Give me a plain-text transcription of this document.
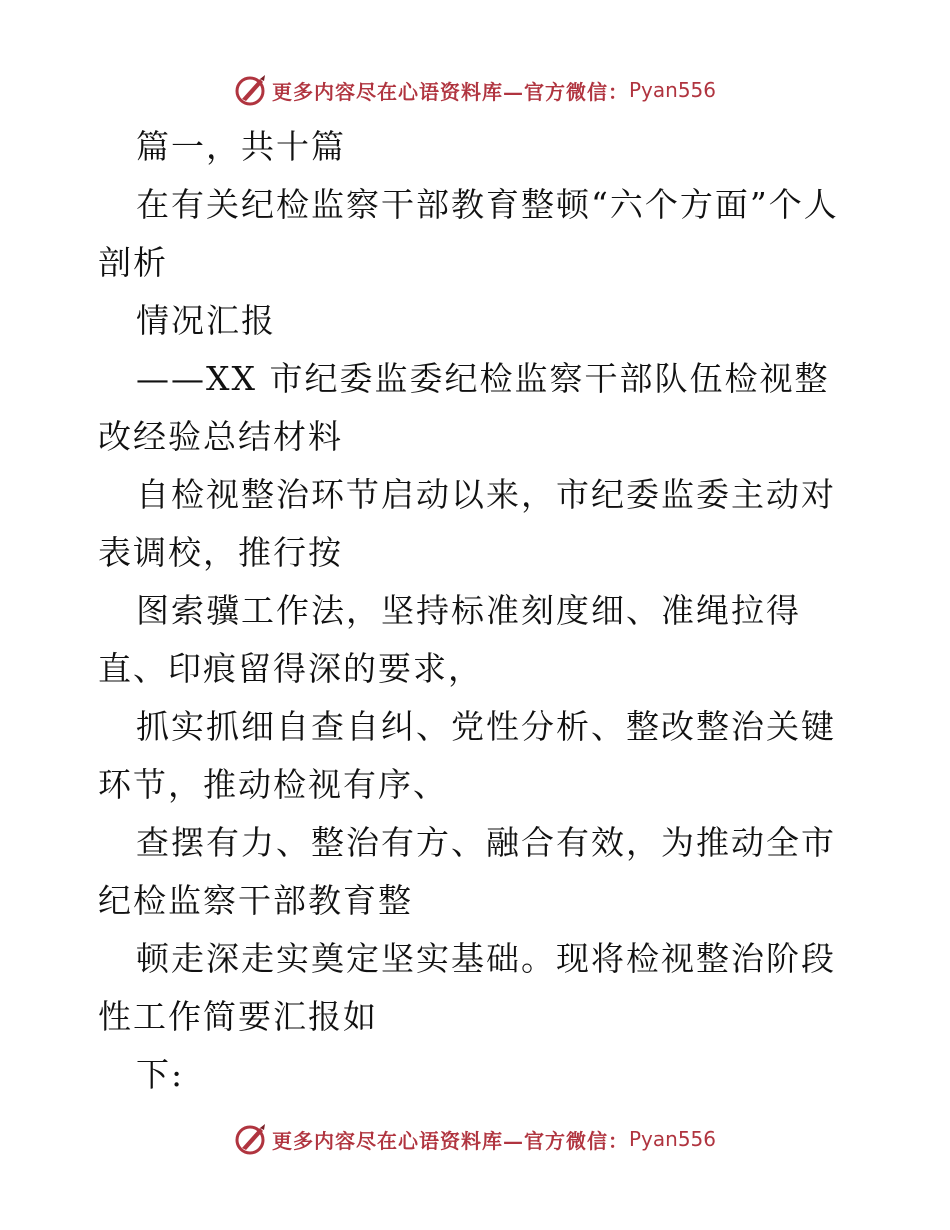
更多内容尽在心语资料库—官方微信： Pyan556

篇一，共十篇

在有关纪检监察干部教育整顿“六个方面”个人剖析

情况汇报

——XX 市纪委监委纪检监察干部队伍检视整改经验总结材料

自检视整治环节启动以来，市纪委监委主动对表调校，推行按

图索骥工作法，坚持标准刻度细、准绳拉得直、印痕留得深的要求，

抓实抓细自查自纠、党性分析、整改整治关键环节，推动检视有序、

查摆有力、整治有方、融合有效，为推动全市纪检监察干部教育整

顿走深走实奠定坚实基础。现将检视整治阶段性工作简要汇报如

下:

更多内容尽在心语资料库—官方微信： Pyan556
